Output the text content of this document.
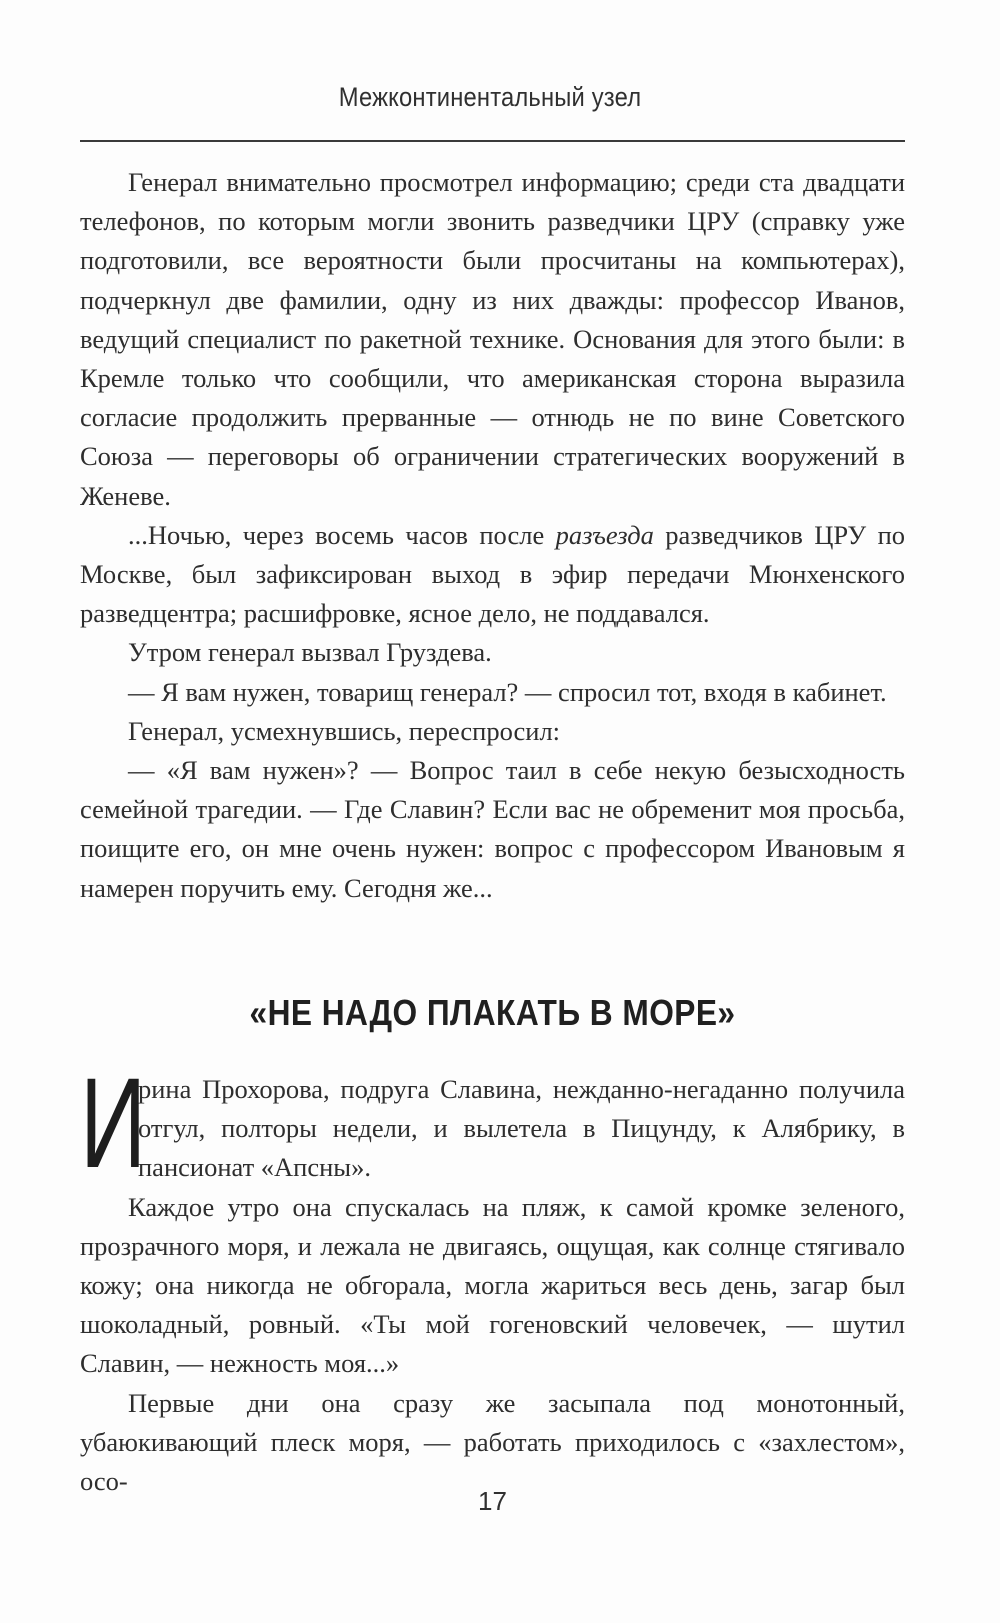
Межконтинентальный узел

Генерал внимательно просмотрел информацию; среди ста двадцати телефонов, по которым могли звонить разведчики ЦРУ (справку уже подготовили, все вероятности были просчитаны на компьютерах), подчеркнул две фамилии, одну из них дважды: профессор Иванов, ведущий специалист по ракетной технике. Основания для этого были: в Кремле только что сообщили, что американская сторона выразила согласие продолжить прерванные — отнюдь не по вине Советского Союза — переговоры об ограничении стратегических вооружений в Женеве.

...Ночью, через восемь часов после разъезда разведчиков ЦРУ по Москве, был зафиксирован выход в эфир передачи Мюнхенского разведцентра; расшифровке, ясное дело, не поддавался.

Утром генерал вызвал Груздева.

— Я вам нужен, товарищ генерал? — спросил тот, входя в кабинет.

Генерал, усмехнувшись, переспросил:

— «Я вам нужен»? — Вопрос таил в себе некую безысходность семейной трагедии. — Где Славин? Если вас не обременит моя просьба, поищите его, он мне очень нужен: вопрос с профессором Ивановым я намерен поручить ему. Сегодня же...

«НЕ НАДО ПЛАКАТЬ В МОРЕ»

И
рина Прохорова, подруга Славина, нежданно-негаданно получила отгул, полторы недели, и вылетела в Пицунду, к Алябрику, в пансионат «Апсны».

Каждое утро она спускалась на пляж, к самой кромке зеленого, прозрачного моря, и лежала не двигаясь, ощущая, как солнце стягивало кожу; она никогда не обгорала, могла жариться весь день, загар был шоколадный, ровный. «Ты мой гогеновский человечек, — шутил Славин, — нежность моя...»

Первые дни она сразу же засыпала под монотонный, убаюкивающий плеск моря, — работать приходилось с «захлестом», осо-

17
